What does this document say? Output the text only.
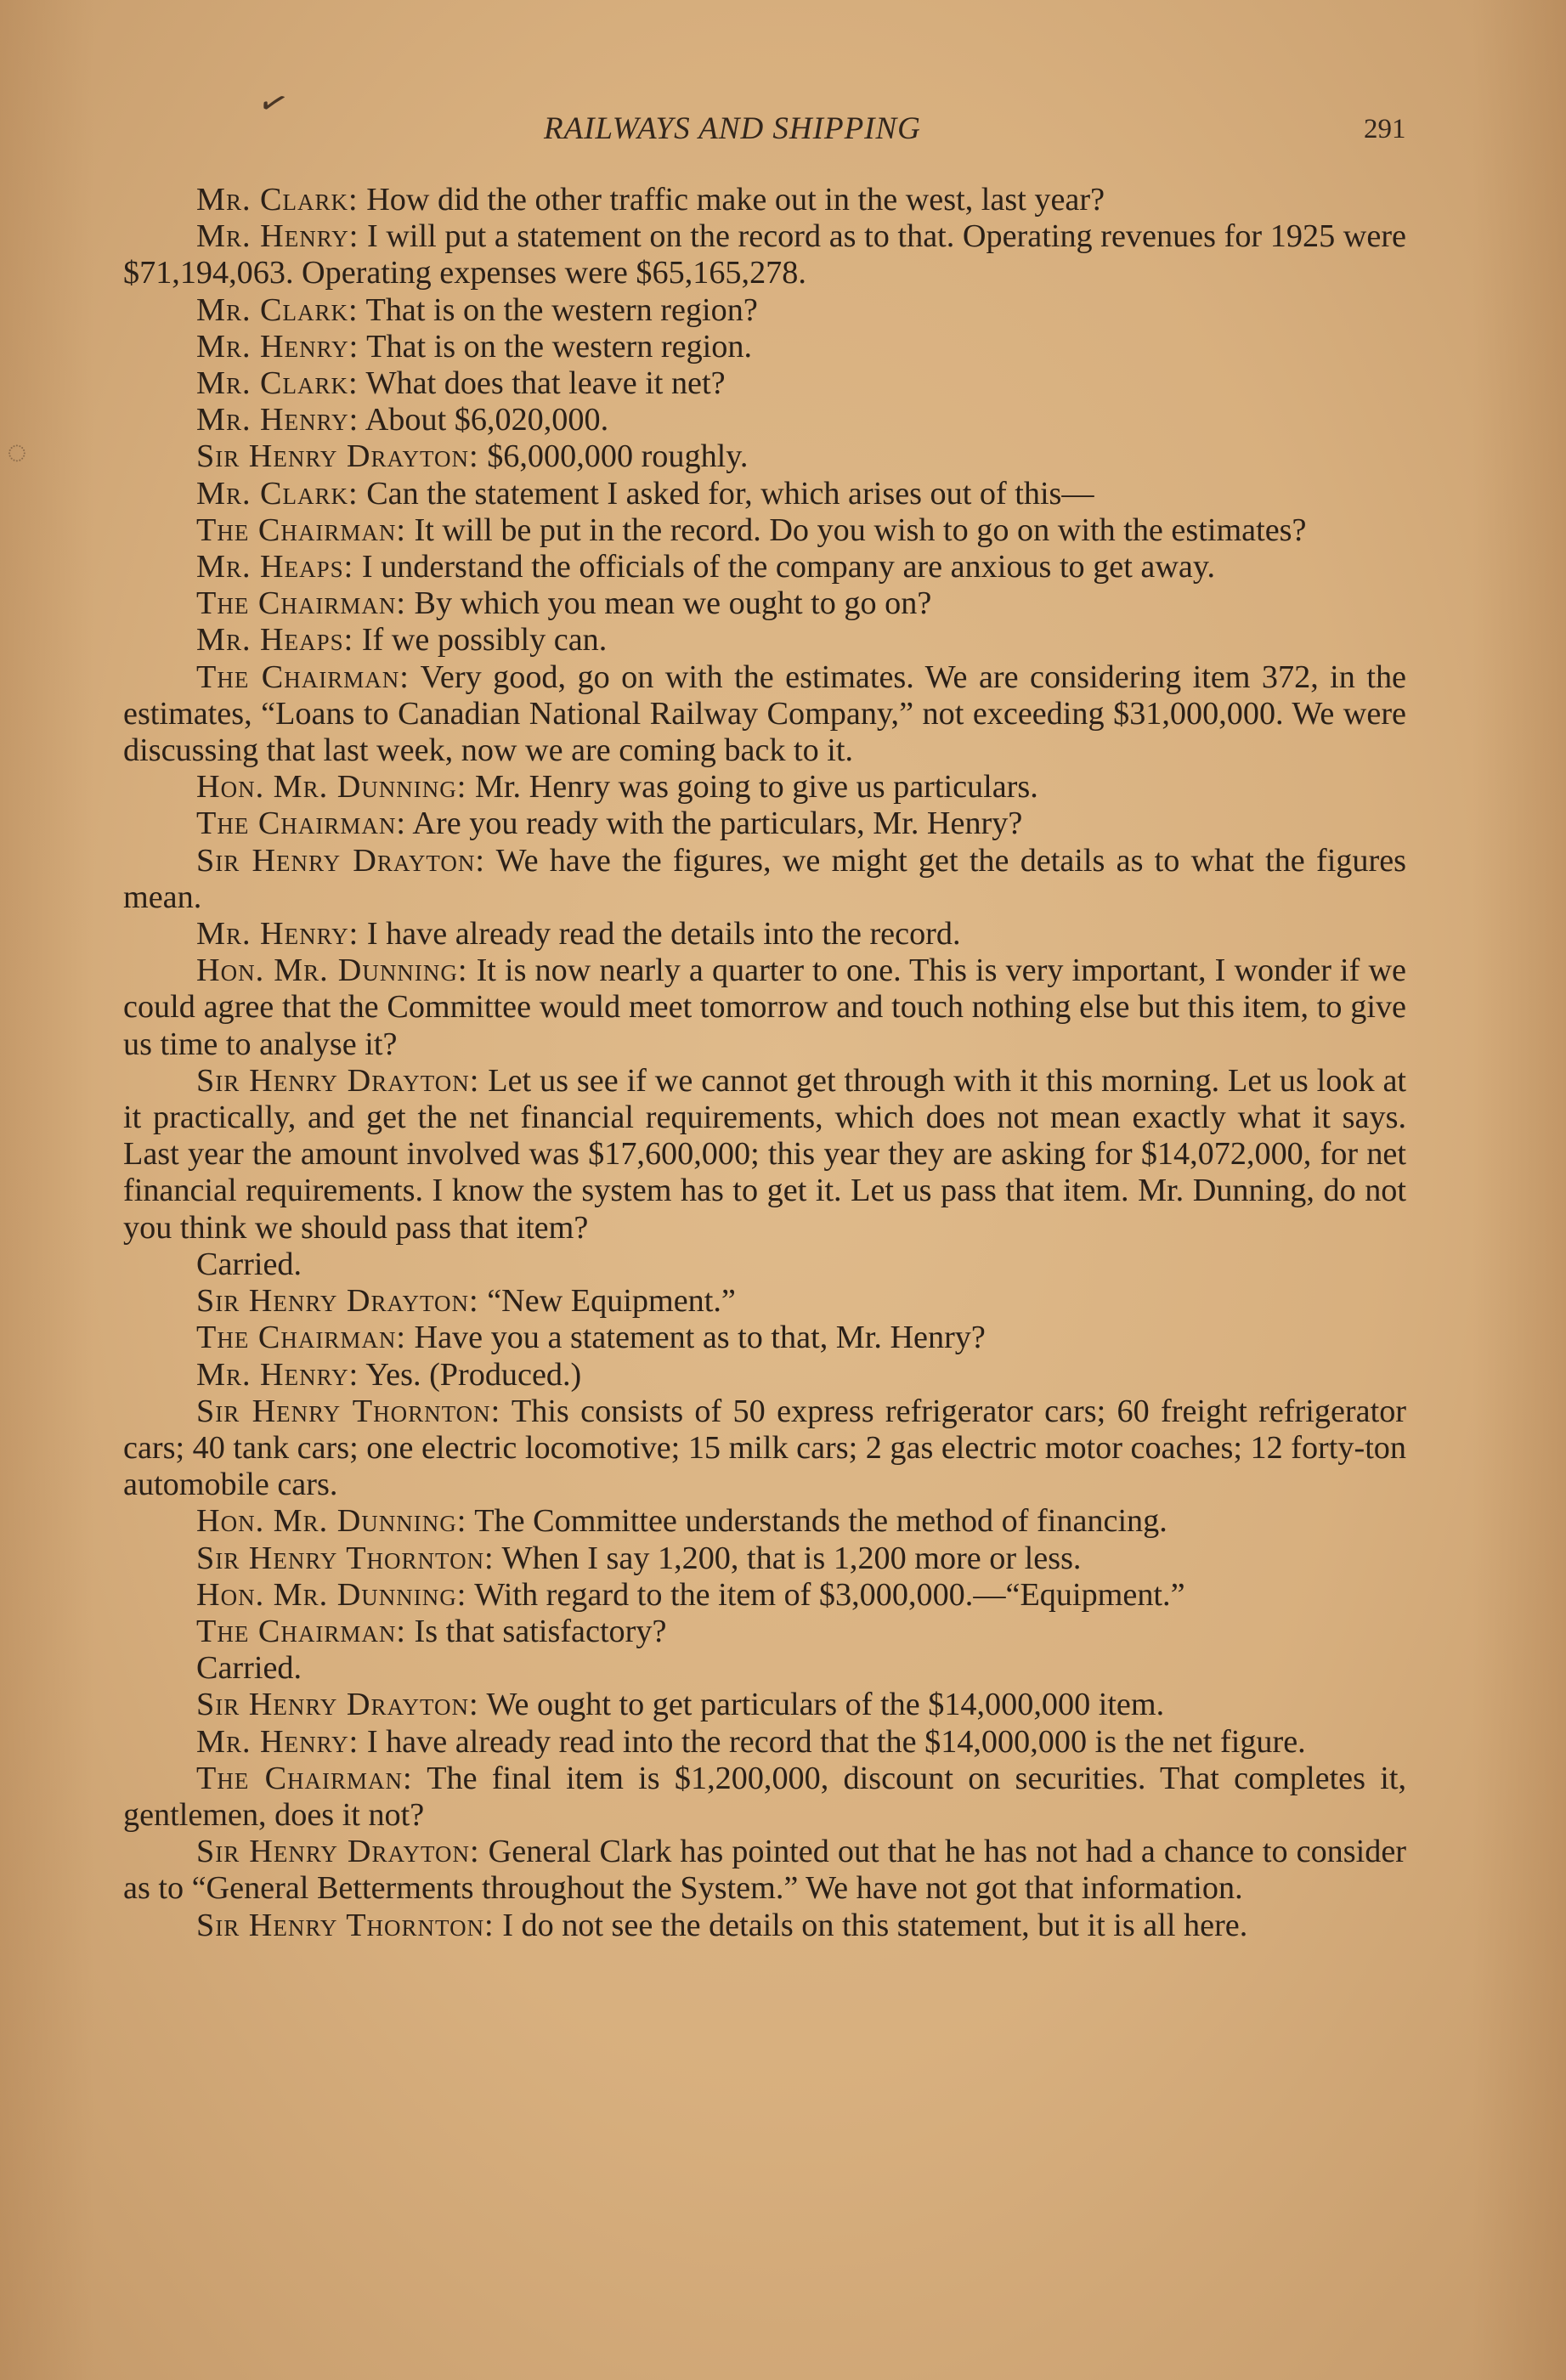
✓
◌
RAILWAYS AND SHIPPING	291

Mr. Clark: How did the other traffic make out in the west, last year?

Mr. Henry: I will put a statement on the record as to that. Operating revenues for 1925 were $71,194,063. Operating expenses were $65,165,278.

Mr. Clark: That is on the western region?

Mr. Henry: That is on the western region.

Mr. Clark: What does that leave it net?

Mr. Henry: About $6,020,000.

Sir Henry Drayton: $6,000,000 roughly.

Mr. Clark: Can the statement I asked for, which arises out of this—

The Chairman: It will be put in the record. Do you wish to go on with the estimates?

Mr. Heaps: I understand the officials of the company are anxious to get away.

The Chairman: By which you mean we ought to go on?

Mr. Heaps: If we possibly can.

The Chairman: Very good, go on with the estimates. We are considering item 372, in the estimates, “Loans to Canadian National Railway Company,” not exceeding $31,000,000. We were discussing that last week, now we are coming back to it.

Hon. Mr. Dunning: Mr. Henry was going to give us particulars.

The Chairman: Are you ready with the particulars, Mr. Henry?

Sir Henry Drayton: We have the figures, we might get the details as to what the figures mean.

Mr. Henry: I have already read the details into the record.

Hon. Mr. Dunning: It is now nearly a quarter to one. This is very important, I wonder if we could agree that the Committee would meet tomorrow and touch nothing else but this item, to give us time to analyse it?

Sir Henry Drayton: Let us see if we cannot get through with it this morning. Let us look at it practically, and get the net financial requirements, which does not mean exactly what it says. Last year the amount involved was $17,600,000; this year they are asking for $14,072,000, for net financial requirements. I know the system has to get it. Let us pass that item. Mr. Dunning, do not you think we should pass that item?

Carried.

Sir Henry Drayton: “New Equipment.”

The Chairman: Have you a statement as to that, Mr. Henry?

Mr. Henry: Yes. (Produced.)

Sir Henry Thornton: This consists of 50 express refrigerator cars; 60 freight refrigerator cars; 40 tank cars; one electric locomotive; 15 milk cars; 2 gas electric motor coaches; 12 forty-ton automobile cars.

Hon. Mr. Dunning: The Committee understands the method of financing.

Sir Henry Thornton: When I say 1,200, that is 1,200 more or less.

Hon. Mr. Dunning: With regard to the item of $3,000,000.—“Equipment.”

The Chairman: Is that satisfactory?

Carried.

Sir Henry Drayton: We ought to get particulars of the $14,000,000 item.

Mr. Henry: I have already read into the record that the $14,000,000 is the net figure.

The Chairman: The final item is $1,200,000, discount on securities. That completes it, gentlemen, does it not?

Sir Henry Drayton: General Clark has pointed out that he has not had a chance to consider as to “General Betterments throughout the System.” We have not got that information.

Sir Henry Thornton: I do not see the details on this statement, but it is all here.
